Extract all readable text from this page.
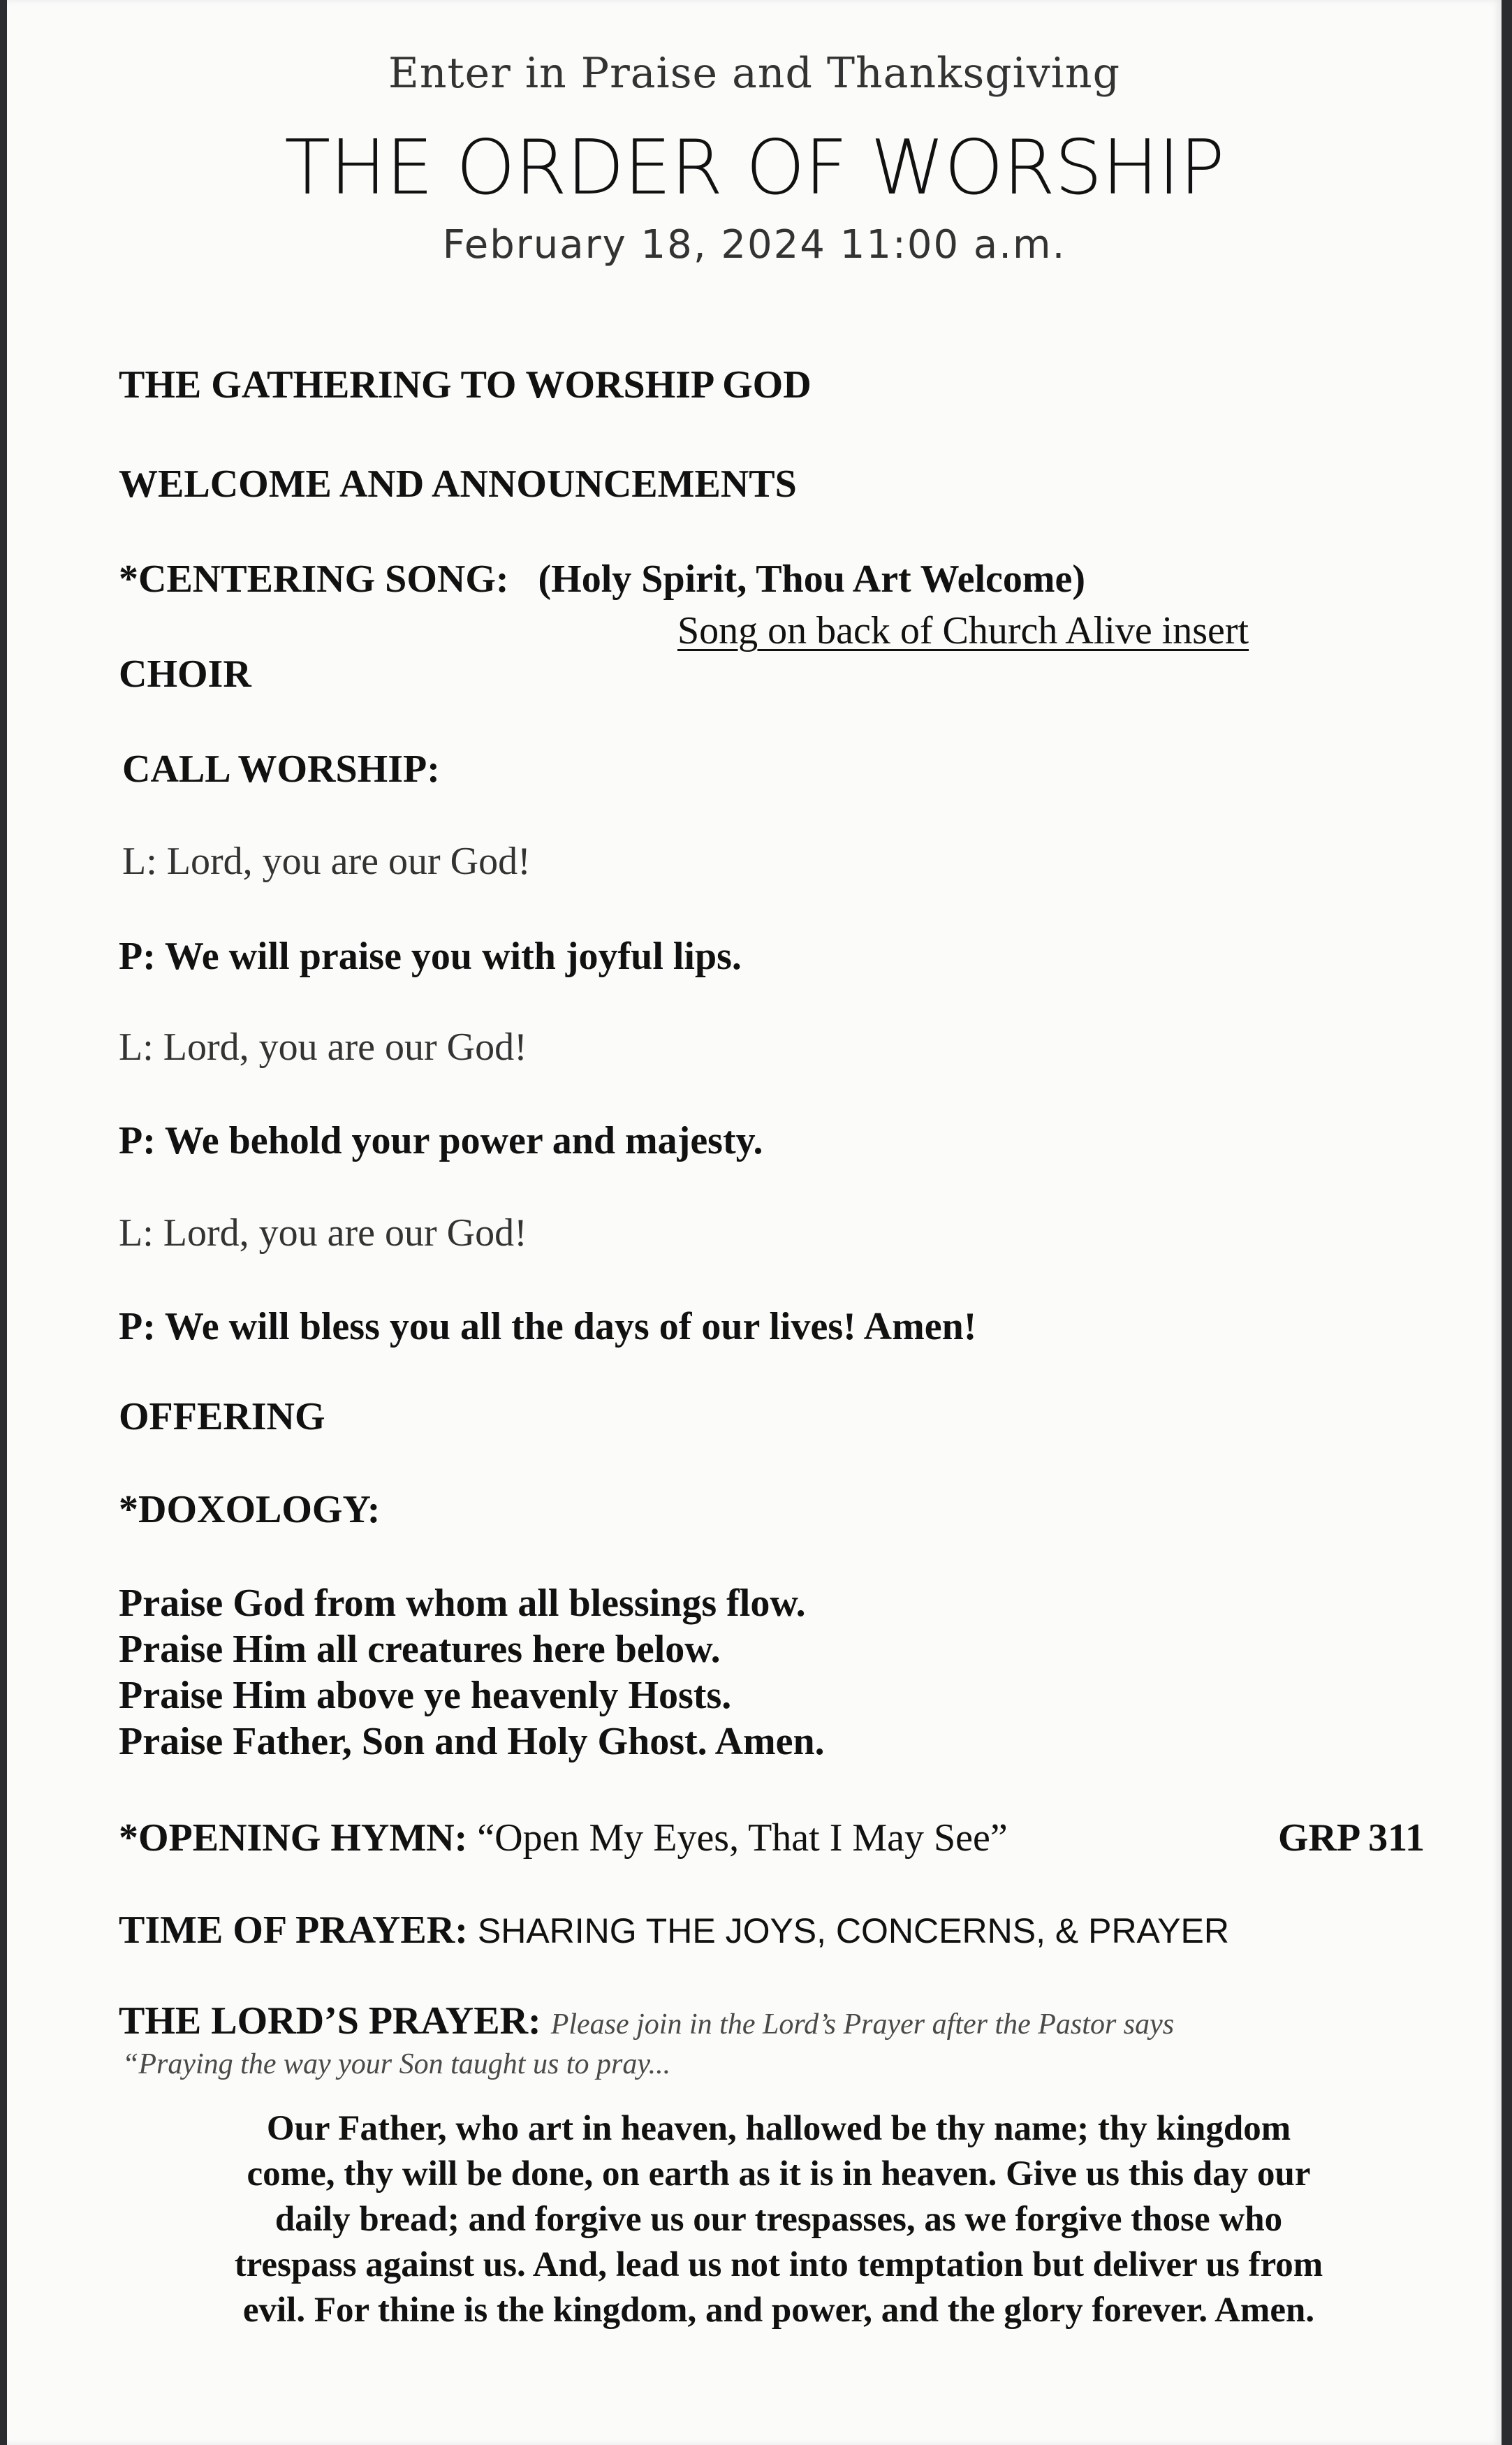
Enter in Praise and Thanksgiving
THE ORDER OF WORSHIP
February 18, 2024 11:00 a.m.
THE GATHERING TO WORSHIP GOD
WELCOME AND ANNOUNCEMENTS
*CENTERING SONG: (Holy Spirit, Thou Art Welcome)
Song on back of Church Alive insert
CHOIR
CALL WORSHIP:
L: Lord, you are our God!
P: We will praise you with joyful lips.
L: Lord, you are our God!
P: We behold your power and majesty.
L: Lord, you are our God!
P: We will bless you all the days of our lives! Amen!
OFFERING
*DOXOLOGY:
Praise God from whom all blessings flow.
Praise Him all creatures here below.
Praise Him above ye heavenly Hosts.
Praise Father, Son and Holy Ghost. Amen.
*OPENING HYMN: “Open My Eyes, That I May See”	GRP 311
TIME OF PRAYER: SHARING THE JOYS, CONCERNS, & PRAYER
THE LORD’S PRAYER: Please join in the Lord’s Prayer after the Pastor says
“Praying the way your Son taught us to pray...
Our Father, who art in heaven, hallowed be thy name; thy kingdom
come, thy will be done, on earth as it is in heaven. Give us this day our
daily bread; and forgive us our trespasses, as we forgive those who
trespass against us. And, lead us not into temptation but deliver us from
evil. For thine is the kingdom, and power, and the glory forever. Amen.
